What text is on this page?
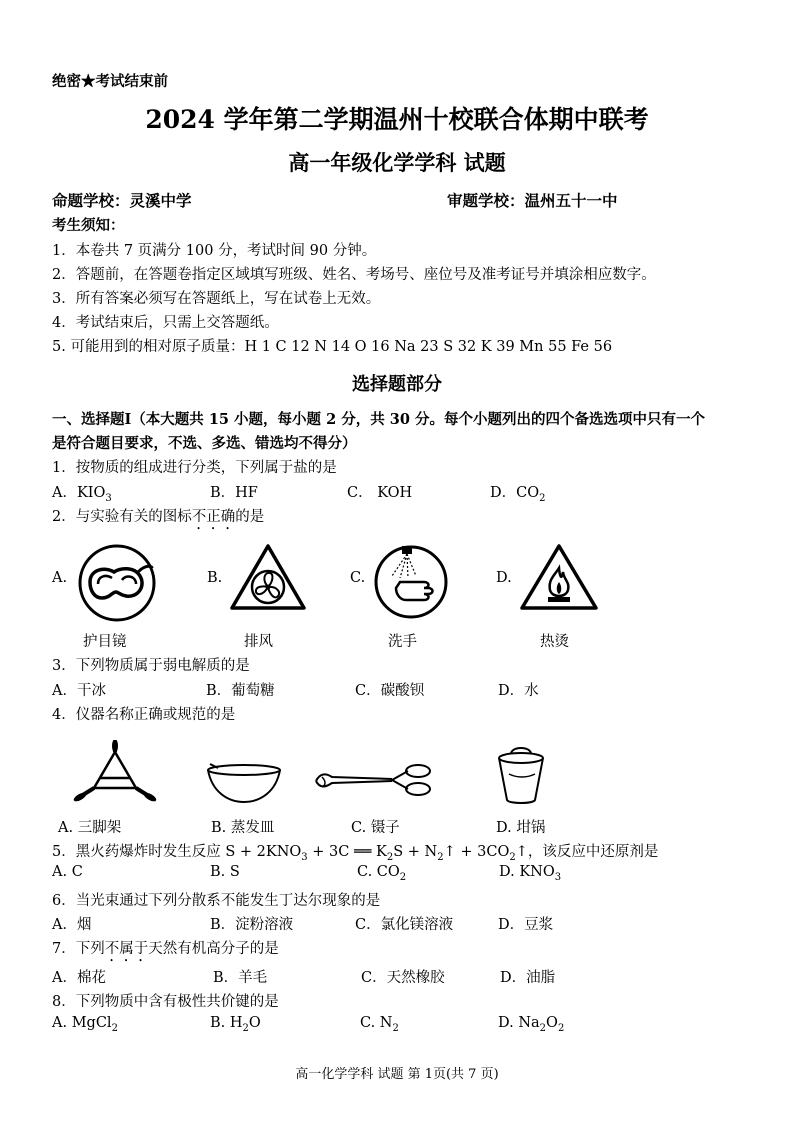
绝密★考试结束前
2024 学年第二学期温州十校联合体期中联考
高一年级化学学科 试题
命题学校：灵溪中学	审题学校：温州五十一中
考生须知：
1．本卷共 7 页满分 100 分，考试时间 90 分钟。
2．答题前，在答题卷指定区域填写班级、姓名、考场号、座位号及准考证号并填涂相应数字。
3．所有答案必须写在答题纸上，写在试卷上无效。
4．考试结束后，只需上交答题纸。
5. 可能用到的相对原子质量：H 1 C 12 N 14 O 16 Na 23 S 32 K 39 Mn 55 Fe 56
选择题部分
一、选择题Ⅰ（本大题共 15 小题，每小题 2 分，共 30 分。每个小题列出的四个备选选项中只有一个
是符合题目要求，不选、多选、错选均不得分）
1．按物质的组成进行分类，下列属于盐的是
A．$KIO_3$	B．HF	C． KOH	D．$CO_2$
2．与实验有关的图标不正确的是
A.	B.	C.	D.
护目镜	排风	洗手	热烫
3．下列物质属于弱电解质的是
A．干冰	B．葡萄糖	C．碳酸钡	D．水
4．仪器名称正确或规范的是
A. 三脚架	B. 蒸发皿	C. 镊子	D. 坩锅
5．黑火药爆炸时发生反应 $S + 2KNO_3 + 3C$ ══ $K_2S$ + $N_2↑$ + $3CO_2↑$，该反应中还原剂是
A. C	B. S	C. $CO_2$	D. $KNO_3$
6．当光束通过下列分散系不能发生丁达尔现象的是
A．烟	B．淀粉溶液	C．氯化镁溶液	D．豆浆
7．下列不属于天然有机高分子的是
A．棉花	B．羊毛	C．天然橡胶	D．油脂
8．下列物质中含有极性共价键的是
A. MgCl$_2$	B. $H_2O$	C. $N_2$	D. $Na_2O_2$
高一化学学科 试题 第 1页(共 7 页)
